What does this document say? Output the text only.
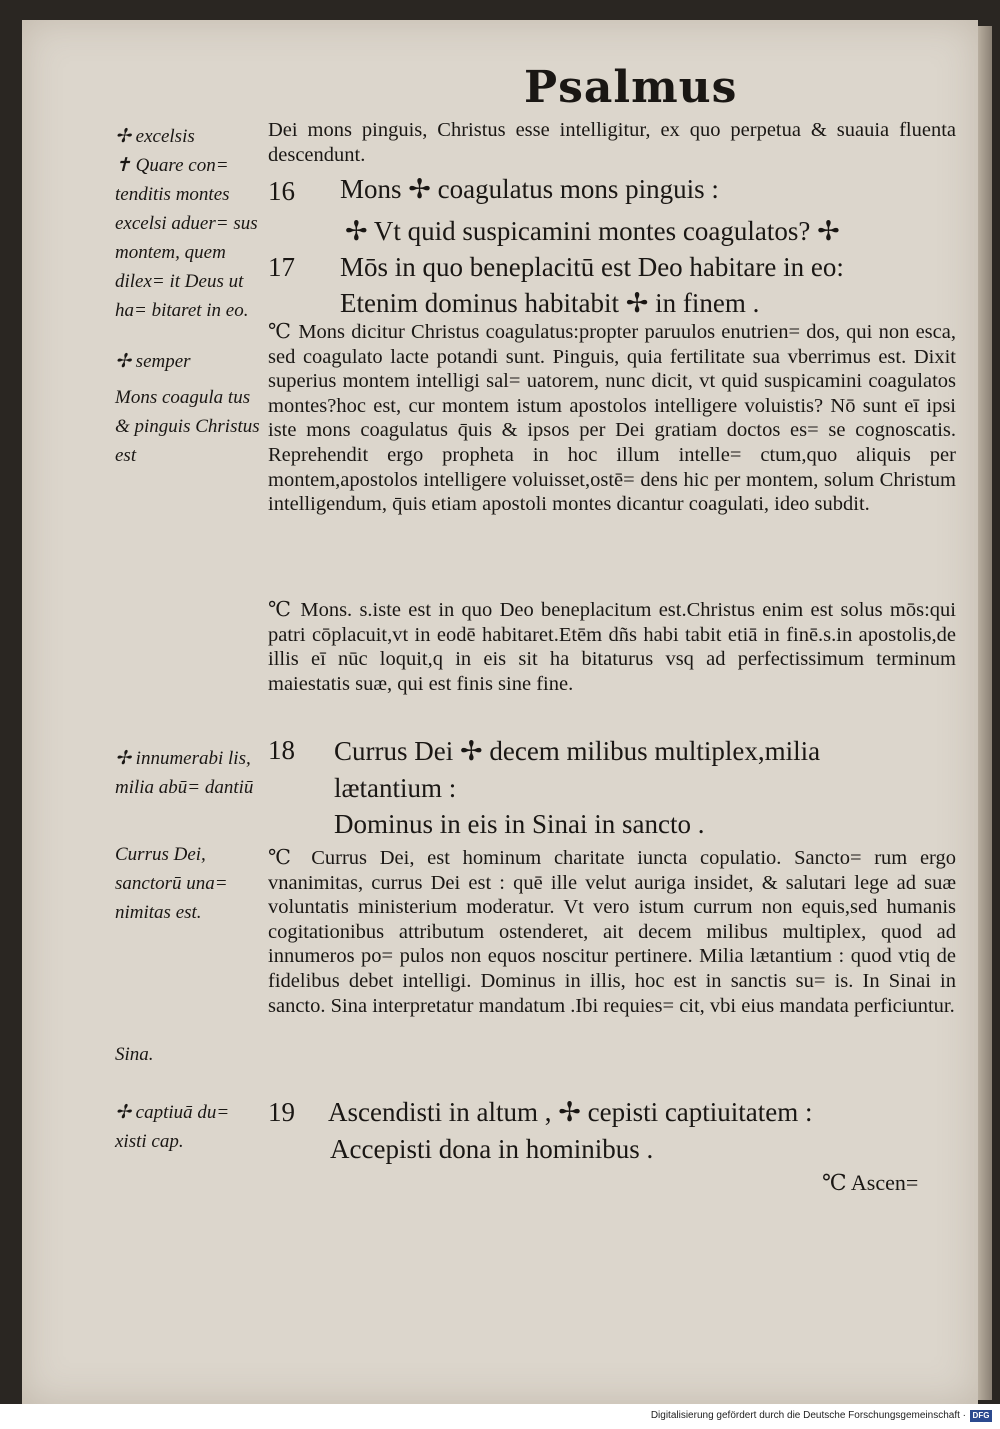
Psalmus
✢ excelsis
✝ Quare con= tenditis montes excelsi aduer= sus montem, quem dilex= it Deus ut ha= bitaret in eo.
✢ semper
Mons coagula tus & pinguis Christus est
✢ innumerabi lis, milia abū= dantiū
Currus Dei, sanctorū una= nimitas est.
Sina.
✢ captiuā du= xisti cap.
Dei mons pinguis, Christus esse intelligitur, ex quo perpetua & suauia fluenta descendunt.
16 Mons ✢ coagulatus mons pinguis :
✢ Vt quid suspicamini montes coagulatos? ✢
17 Mōs in quo beneplacitū est Deo habitare in eo:
Etenim dominus habitabit ✢ in finem .
℃ Mons dicitur Christus coagulatus:propter paruulos enutrien= dos, qui non esca, sed coagulato lacte potandi sunt. Pinguis, quia fertilitate sua vberrimus est. Dixit superius montem intelligi sal= uatorem, nunc dicit, vt quid suspicamini coagulatos montes?hoc est, cur montem istum apostolos intelligere voluistis? Nō sunt eī ipsi iste mons coagulatus q̄uis & ipsos per Dei gratiam doctos es= se cognoscatis. Reprehendit ergo propheta in hoc illum intelle= ctum,quo aliquis per montem,apostolos intelligere voluisset,ostē= dens hic per montem, solum Christum intelligendum, q̄uis etiam apostoli montes dicantur coagulati, ideo subdit.
℃ Mons. s.iste est in quo Deo beneplacitum est.Christus enim est solus mōs:qui patri cōplacuit,vt in eodē habitaret.Etēm dñs habi tabit etiā in finē.s.in apostolis,de illis eī nūc loquit,q in eis sit ha bitaturus vsq ad perfectissimum terminum maiestatis suæ, qui est finis sine fine.
18 Currus Dei ✢ decem milibus multiplex,milia
lætantium :
Dominus in eis in Sinai in sancto .
℃ Currus Dei, est hominum charitate iuncta copulatio. Sancto= rum ergo vnanimitas, currus Dei est : quē ille velut auriga insidet, & salutari lege ad suæ voluntatis ministerium moderatur. Vt vero istum currum non equis,sed humanis cogitationibus attributum ostenderet, ait decem milibus multiplex, quod ad innumeros po= pulos non equos noscitur pertinere. Milia lætantium : quod vtiq de fidelibus debet intelligi. Dominus in illis, hoc est in sanctis su= is. In Sinai in sancto. Sina interpretatur mandatum .Ibi requies= cit, vbi eius mandata perficiuntur.
19 Ascendisti in altum , ✢ cepisti captiuitatem :
Accepisti dona in hominibus .
℃ Ascen=
Digitalisierung gefördert durch die Deutsche Forschungsgemeinschaft · DFG
